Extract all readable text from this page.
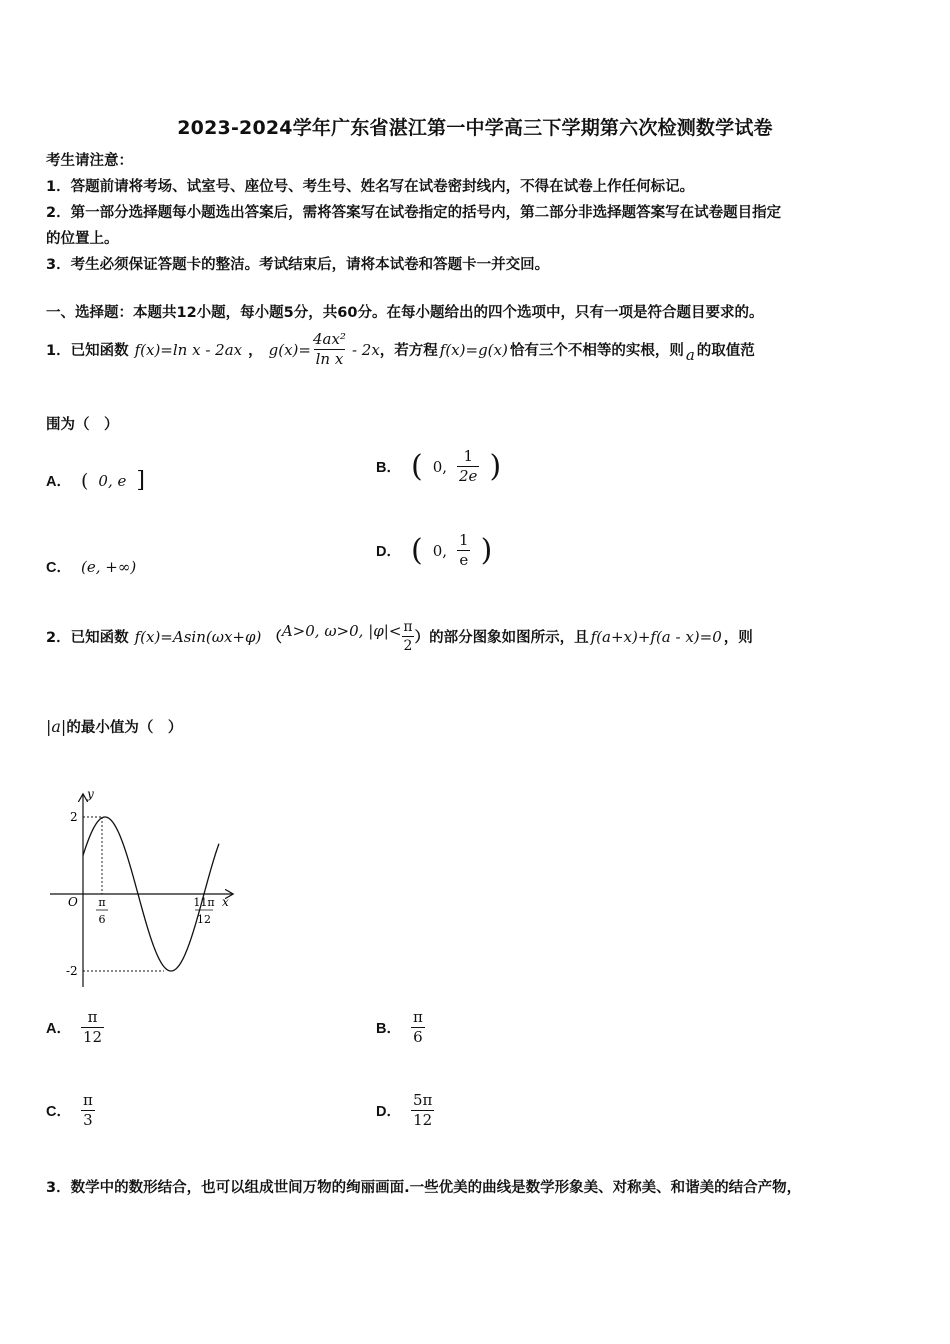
2023-2024学年广东省湛江第一中学高三下学期第六次检测数学试卷
考生请注意：
1．答题前请将考场、试室号、座位号、考生号、姓名写在试卷密封线内，不得在试卷上作任何标记。
2．第一部分选择题每小题选出答案后，需将答案写在试卷指定的括号内，第二部分非选择题答案写在试卷题目指定
的位置上。
3．考生必须保证答题卡的整洁。考试结束后，请将本试卷和答题卡一并交回。
一、选择题：本题共12小题，每小题5分，共60分。在每小题给出的四个选项中，只有一项是符合题目要求的。
1． 已知函数 f(x)=ln x - 2ax ， $g(x)= \frac{\text{4ax²}}{\text{ln x}} - 2x$ ，若方程 f(x)=g(x) 恰有三个不相等的实根，则 a 的取值范
围为（　）
A． ( 0, e ]	B． ( 0, $\frac{1}{2e}$ )
C． (e, +∞)
D． ( 0, $\frac{1}{e}$ )
2． 已知函数 f(x)=Asin(ωx+φ) （ A>0, ω>0, $|\varphi|< \frac{\pi}{2}$ ）的部分图象如图所示，且 f(a+x)+f(a - x)=0 ，则
|a| 的最小值为（　）
y
x
O
2
-2
π
6
11π
12
A． $\frac{\pi}{12}$	B． $\frac{\pi}{6}$
C． $\frac{\pi}{3}$	D． $\frac{5\pi}{12}$
3．数学中的数形结合，也可以组成世间万物的绚丽画面.一些优美的曲线是数学形象美、对称美、和谐美的结合产物，
